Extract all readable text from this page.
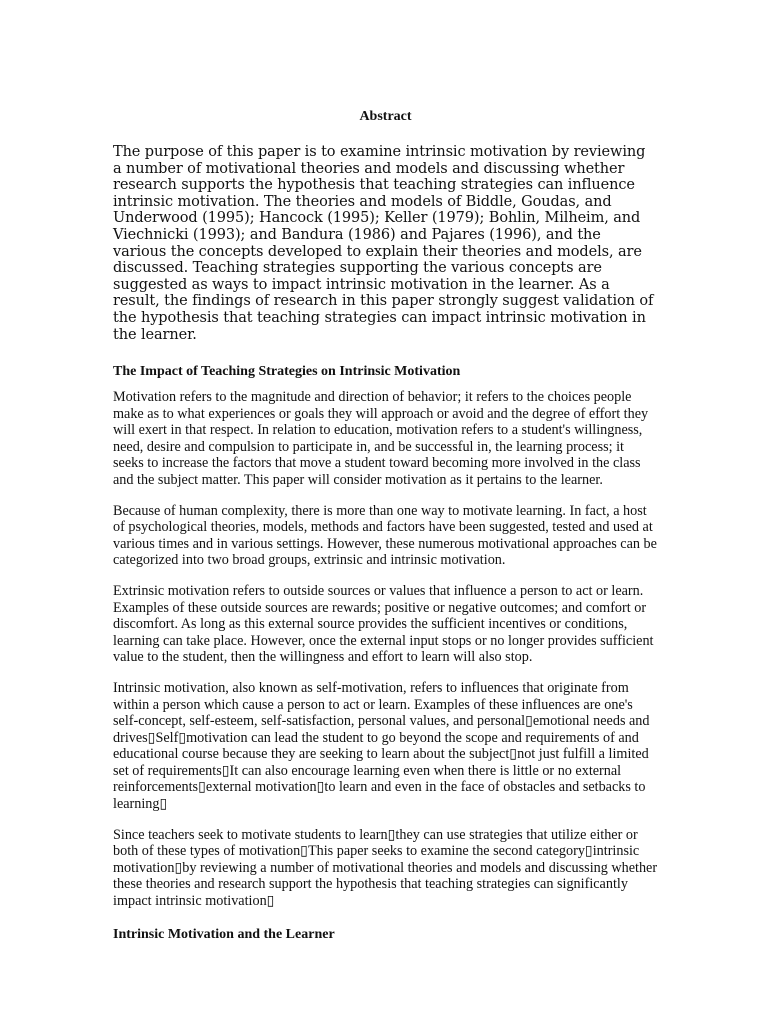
Abstract

The purpose of this paper is to examine intrinsic motivation by reviewing a number of motivational theories and models and discussing whether research supports the hypothesis that teaching strategies can influence intrinsic motivation. The theories and models of Biddle, Goudas, and Underwood (1995); Hancock (1995); Keller (1979); Bohlin, Milheim, and Viechnicki (1993); and Bandura (1986) and Pajares (1996), and the various the concepts developed to explain their theories and models, are discussed. Teaching strategies supporting the various concepts are suggested as ways to impact intrinsic motivation in the learner. As a result, the findings of research in this paper strongly suggest validation of the hypothesis that teaching strategies can impact intrinsic motivation in the learner.

The Impact of Teaching Strategies on Intrinsic Motivation

Motivation refers to the magnitude and direction of behavior; it refers to the choices people make as to what experiences or goals they will approach or avoid and the degree of effort they will exert in that respect. In relation to education, motivation refers to a student's willingness, need, desire and compulsion to participate in, and be successful in, the learning process; it seeks to increase the factors that move a student toward becoming more involved in the class and the subject matter. This paper will consider motivation as it pertains to the learner.

Because of human complexity, there is more than one way to motivate learning. In fact, a host of psychological theories, models, methods and factors have been suggested, tested and used at various times and in various settings. However, these numerous motivational approaches can be categorized into two broad groups, extrinsic and intrinsic motivation.

Extrinsic motivation refers to outside sources or values that influence a person to act or learn. Examples of these outside sources are rewards; positive or negative outcomes; and comfort or discomfort. As long as this external source provides the sufficient incentives or conditions, learning can take place. However, once the external input stops or no longer provides sufficient value to the student, then the willingness and effort to learn will also stop.

Intrinsic motivation, also known as self-motivation, refers to influences that originate from within a person which cause a person to act or learn. Examples of these influences are one's self-concept, self-esteem, self-satisfaction, personal values, and personal▯emotional needs and drives▯Self▯motivation can lead the student to go beyond the scope and requirements of and educational course because they are seeking to learn about the subject▯not just fulfill a limited set of requirements▯It can also encourage learning even when there is little or no external reinforcements▯external motivation▯to learn and even in the face of obstacles and setbacks to learning▯

Since teachers seek to motivate students to learn▯they can use strategies that utilize either or both of these types of motivation▯This paper seeks to examine the second category▯intrinsic motivation▯by reviewing a number of motivational theories and models and discussing whether these theories and research support the hypothesis that teaching strategies can significantly impact intrinsic motivation▯

Intrinsic Motivation and the Learner
